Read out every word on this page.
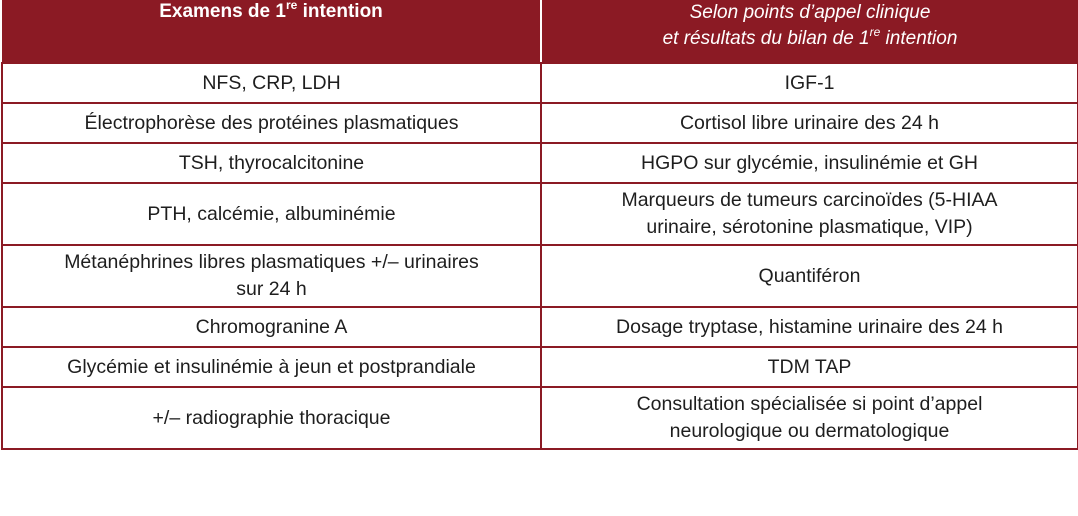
Examens de 1re intention	Selon points d’appel clinique
et résultats du bilan de 1re intention

NFS, CRP, LDH	IGF-1

Électrophorèse des protéines plasmatiques	Cortisol libre urinaire des 24 h

TSH, thyrocalcitonine	HGPO sur glycémie, insulinémie et GH

PTH, calcémie, albuminémie	Marqueurs de tumeurs carcinoïdes (5-HIAA
urinaire, sérotonine plasmatique, VIP)

Métanéphrines libres plasmatiques +/– urinaires
sur 24 h	Quantiféron

Chromogranine A	Dosage tryptase, histamine urinaire des 24 h

Glycémie et insulinémie à jeun et postprandiale	TDM TAP

+/– radiographie thoracique	Consultation spécialisée si point d’appel
neurologique ou dermatologique
